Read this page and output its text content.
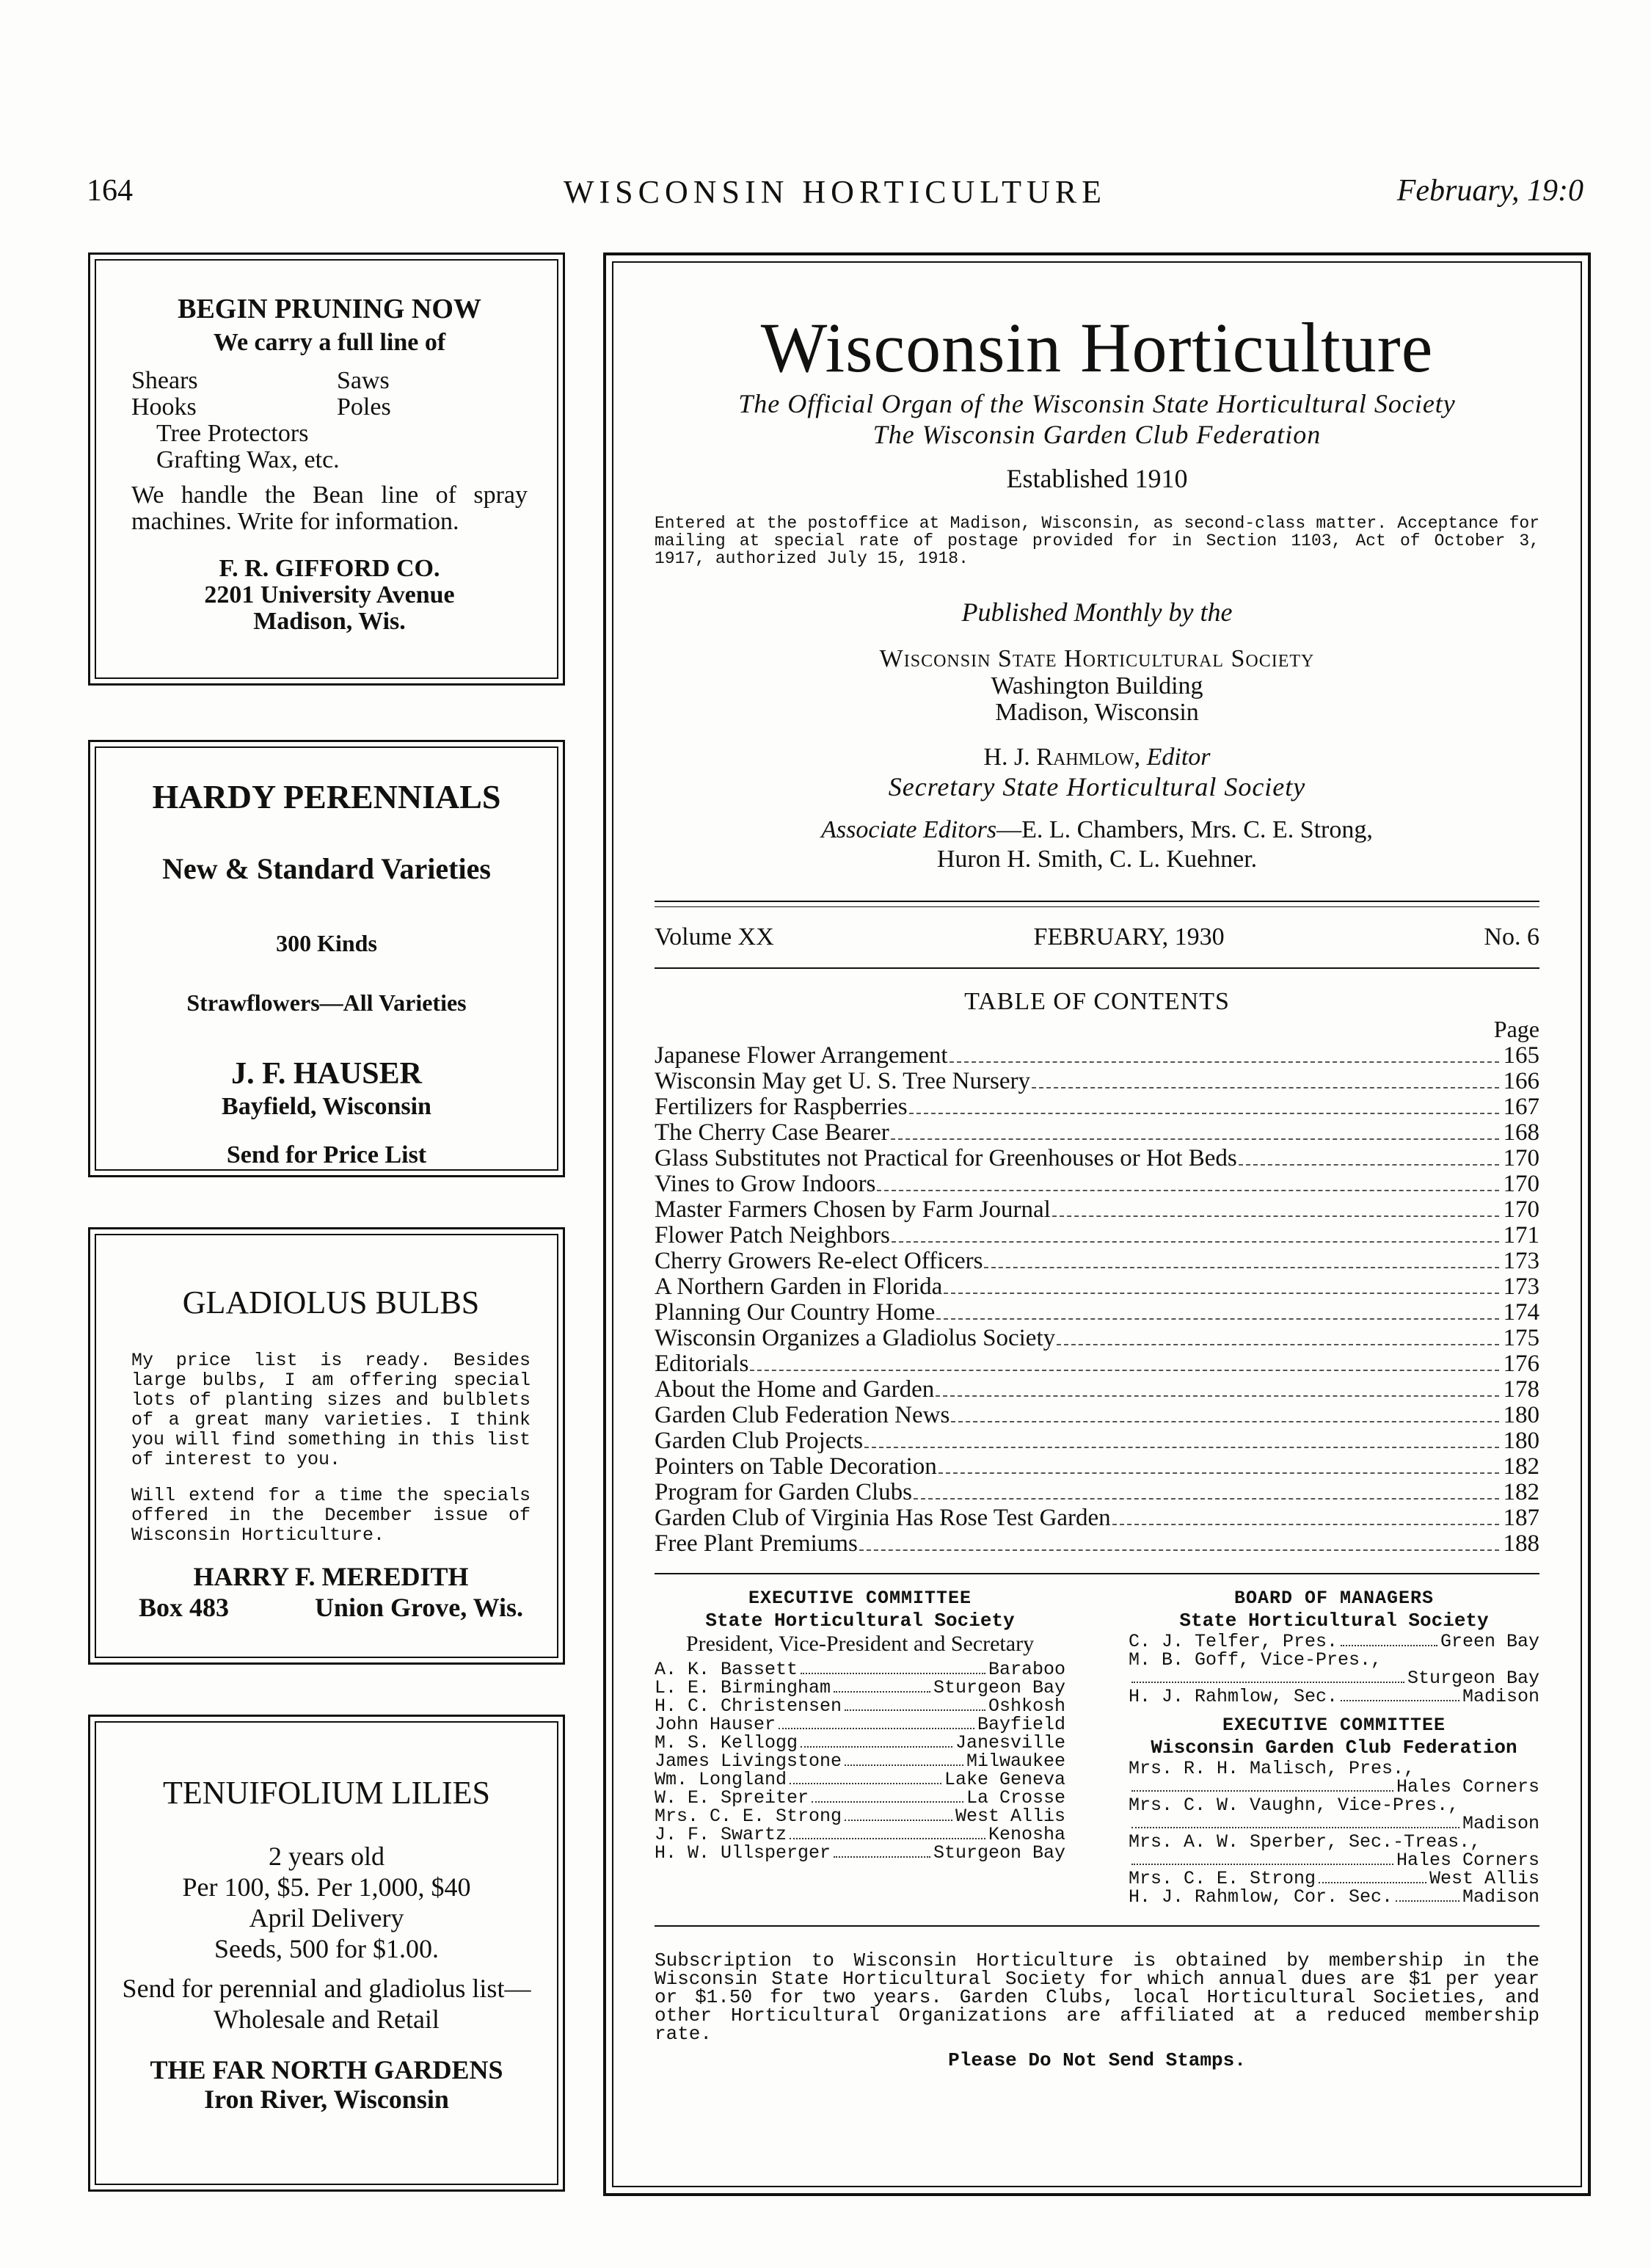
164	WISCONSIN HORTICULTURE	February, 19:0
BEGIN PRUNING NOW
We carry a full line of
Shears	Saws
Hooks	Poles
Tree Protectors
Grafting Wax, etc.
We handle the Bean line of spray machines. Write for information.
F. R. GIFFORD CO.
2201 University Avenue
Madison, Wis.
HARDY PERENNIALS
New & Standard Varieties
300 Kinds
Strawflowers—All Varieties
J. F. HAUSER
Bayfield, Wisconsin
Send for Price List
GLADIOLUS BULBS
My price list is ready. Besides large bulbs, I am offering special lots of planting sizes and bulblets of a great many varieties. I think you will find something in this list of interest to you.
Will extend for a time the specials offered in the December issue of Wisconsin Horticulture.
HARRY F. MEREDITH
Box 483	Union Grove, Wis.
TENUIFOLIUM LILIES
2 years old
Per 100, $5. Per 1,000, $40
April Delivery
Seeds, 500 for $1.00.
Send for perennial and gladiolus list—Wholesale and Retail
THE FAR NORTH GARDENS
Iron River, Wisconsin
Wisconsin Horticulture
The Official Organ of the Wisconsin State Horticultural Society
The Wisconsin Garden Club Federation
Established 1910
Entered at the postoffice at Madison, Wisconsin, as second-class matter. Acceptance for mailing at special rate of postage provided for in Section 1103, Act of October 3, 1917, authorized July 15, 1918.
Published Monthly by the
Wisconsin State Horticultural Society
Washington Building
Madison, Wisconsin
H. J. Rahmlow, Editor
Secretary State Horticultural Society
Associate Editors—E. L. Chambers, Mrs. C. E. Strong,
Huron H. Smith, C. L. Kuehner.
Volume XX	FEBRUARY, 1930	No. 6
TABLE OF CONTENTS
Page
Japanese Flower Arrangement	165
Wisconsin May get U. S. Tree Nursery	166
Fertilizers for Raspberries	167
The Cherry Case Bearer	168
Glass Substitutes not Practical for Greenhouses or Hot Beds	170
Vines to Grow Indoors	170
Master Farmers Chosen by Farm Journal	170
Flower Patch Neighbors	171
Cherry Growers Re-elect Officers	173
A Northern Garden in Florida	173
Planning Our Country Home	174
Wisconsin Organizes a Gladiolus Society	175
Editorials	176
About the Home and Garden	178
Garden Club Federation News	180
Garden Club Projects	180
Pointers on Table Decoration	182
Program for Garden Clubs	182
Garden Club of Virginia Has Rose Test Garden	187
Free Plant Premiums	188
EXECUTIVE COMMITTEE
State Horticultural Society
President, Vice-President and Secretary
A. K. Bassett	Baraboo
L. E. Birmingham	Sturgeon Bay
H. C. Christensen	Oshkosh
John Hauser	Bayfield
M. S. Kellogg	Janesville
James Livingstone	Milwaukee
Wm. Longland	Lake Geneva
W. E. Spreiter	La Crosse
Mrs. C. E. Strong	West Allis
J. F. Swartz	Kenosha
H. W. Ullsperger	Sturgeon Bay
BOARD OF MANAGERS
State Horticultural Society
C. J. Telfer, Pres.	Green Bay
M. B. Goff, Vice-Pres.,
Sturgeon Bay
H. J. Rahmlow, Sec.	Madison
EXECUTIVE COMMITTEE
Wisconsin Garden Club Federation
Mrs. R. H. Malisch, Pres.,
Hales Corners
Mrs. C. W. Vaughn, Vice-Pres.,
Madison
Mrs. A. W. Sperber, Sec.-Treas.,
Hales Corners
Mrs. C. E. Strong	West Allis
H. J. Rahmlow, Cor. Sec.	Madison
Subscription to Wisconsin Horticulture is obtained by membership in the Wisconsin State Horticultural Society for which annual dues are $1 per year or $1.50 for two years. Garden Clubs, local Horticultural Societies, and other Horticultural Organizations are affiliated at a reduced membership rate.
Please Do Not Send Stamps.
